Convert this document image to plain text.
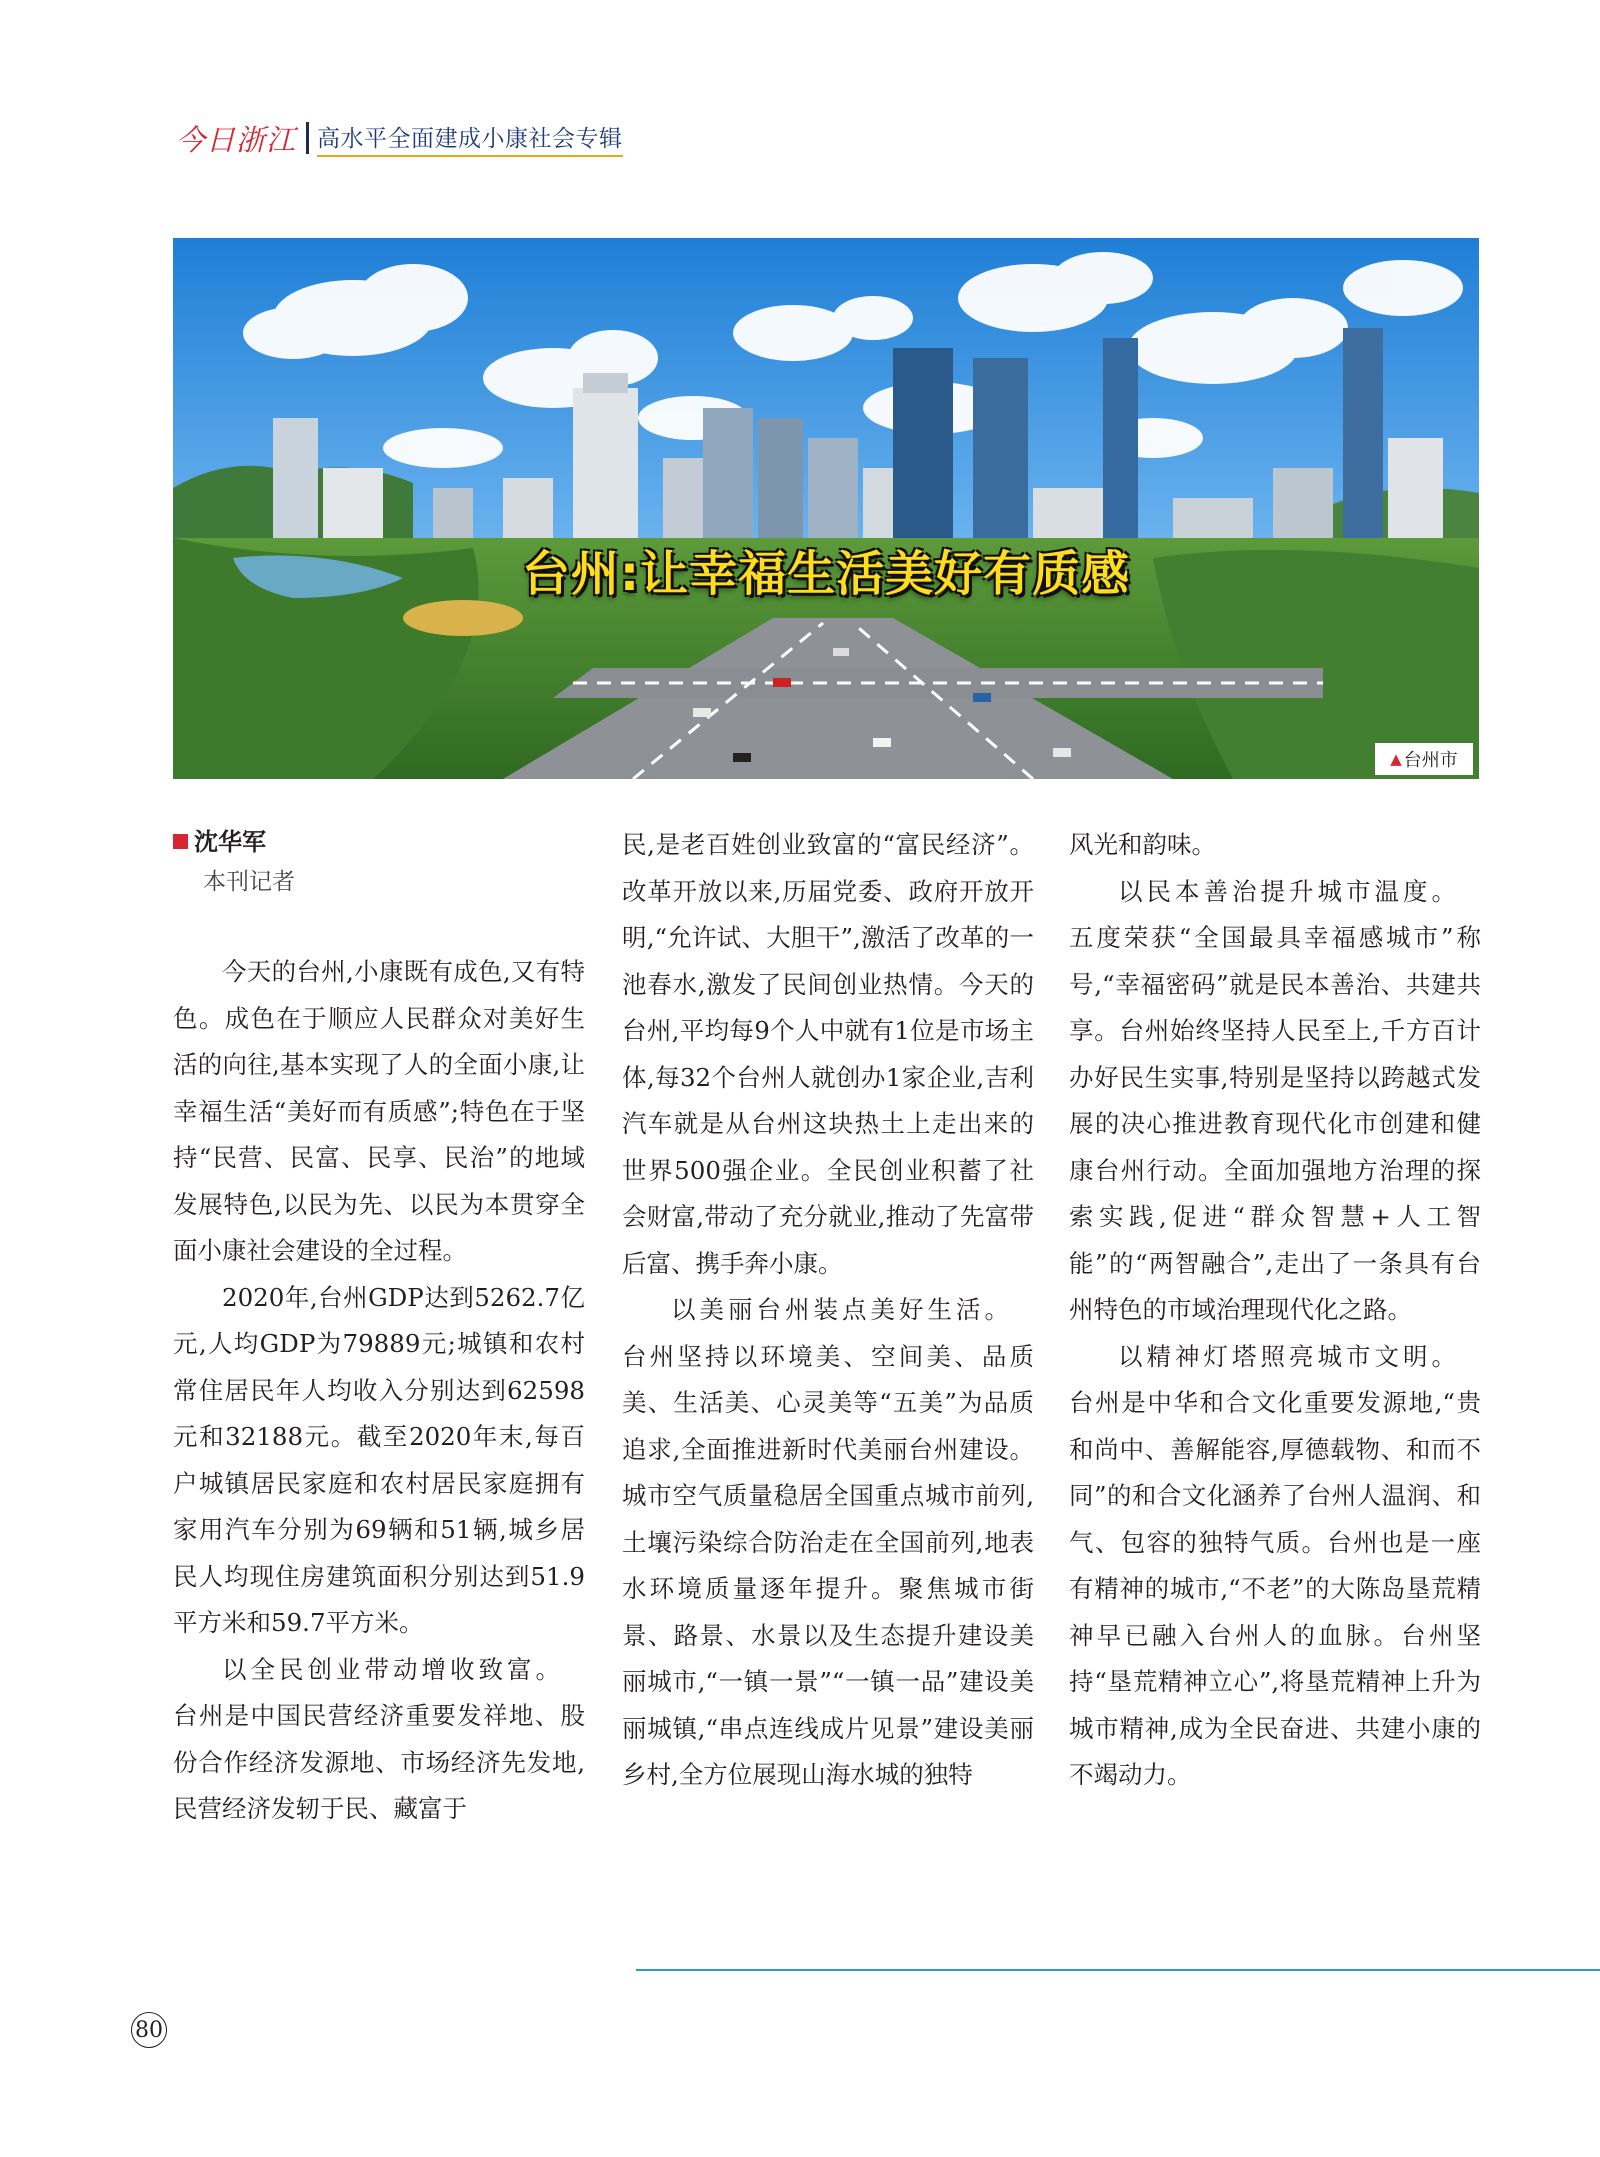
今日浙江 高水平全面建成小康社会专辑
台州:让幸福生活美好有质感
▲ 台州市
沈华军
本刊记者

今天的台州,小康既有成色,又有特色。成色在于顺应人民群众对美好生活的向往,基本实现了人的全面小康,让幸福生活“美好而有质感”;特色在于坚持“民营、民富、民享、民治”的地域发展特色,以民为先、以民为本贯穿全面小康社会建设的全过程。

2020年,台州GDP达到5262.7亿元,人均GDP为79889元;城镇和农村常住居民年人均收入分别达到62598元和32188元。截至2020年末,每百户城镇居民家庭和农村居民家庭拥有家用汽车分别为69辆和51辆,城乡居民人均现住房建筑面积分别达到51.9平方米和59.7平方米。

以全民创业带动增收致富。

台州是中国民营经济重要发祥地、股份合作经济发源地、市场经济先发地,民营经济发轫于民、藏富于

民,是老百姓创业致富的“富民经济”。改革开放以来,历届党委、政府开放开明,“允许试、大胆干”,激活了改革的一池春水,激发了民间创业热情。今天的台州,平均每9个人中就有1位是市场主体,每32个台州人就创办1家企业,吉利汽车就是从台州这块热土上走出来的世界500强企业。全民创业积蓄了社会财富,带动了充分就业,推动了先富带后富、携手奔小康。

以美丽台州装点美好生活。

台州坚持以环境美、空间美、品质美、生活美、心灵美等“五美”为品质追求,全面推进新时代美丽台州建设。城市空气质量稳居全国重点城市前列,土壤污染综合防治走在全国前列,地表水环境质量逐年提升。聚焦城市街景、路景、水景以及生态提升建设美丽城市,“一镇一景”“一镇一品”建设美丽城镇,“串点连线成片见景”建设美丽乡村,全方位展现山海水城的独特

风光和韵味。

以民本善治提升城市温度。

五度荣获“全国最具幸福感城市”称号,“幸福密码”就是民本善治、共建共享。台州始终坚持人民至上,千方百计办好民生实事,特别是坚持以跨越式发展的决心推进教育现代化市创建和健康台州行动。全面加强地方治理的探索实践,促进“群众智慧+人工智能”的“两智融合”,走出了一条具有台州特色的市域治理现代化之路。

以精神灯塔照亮城市文明。

台州是中华和合文化重要发源地,“贵和尚中、善解能容,厚德载物、和而不同”的和合文化涵养了台州人温润、和气、包容的独特气质。台州也是一座有精神的城市,“不老”的大陈岛垦荒精神早已融入台州人的血脉。台州坚持“垦荒精神立心”,将垦荒精神上升为城市精神,成为全民奋进、共建小康的不竭动力。

80
